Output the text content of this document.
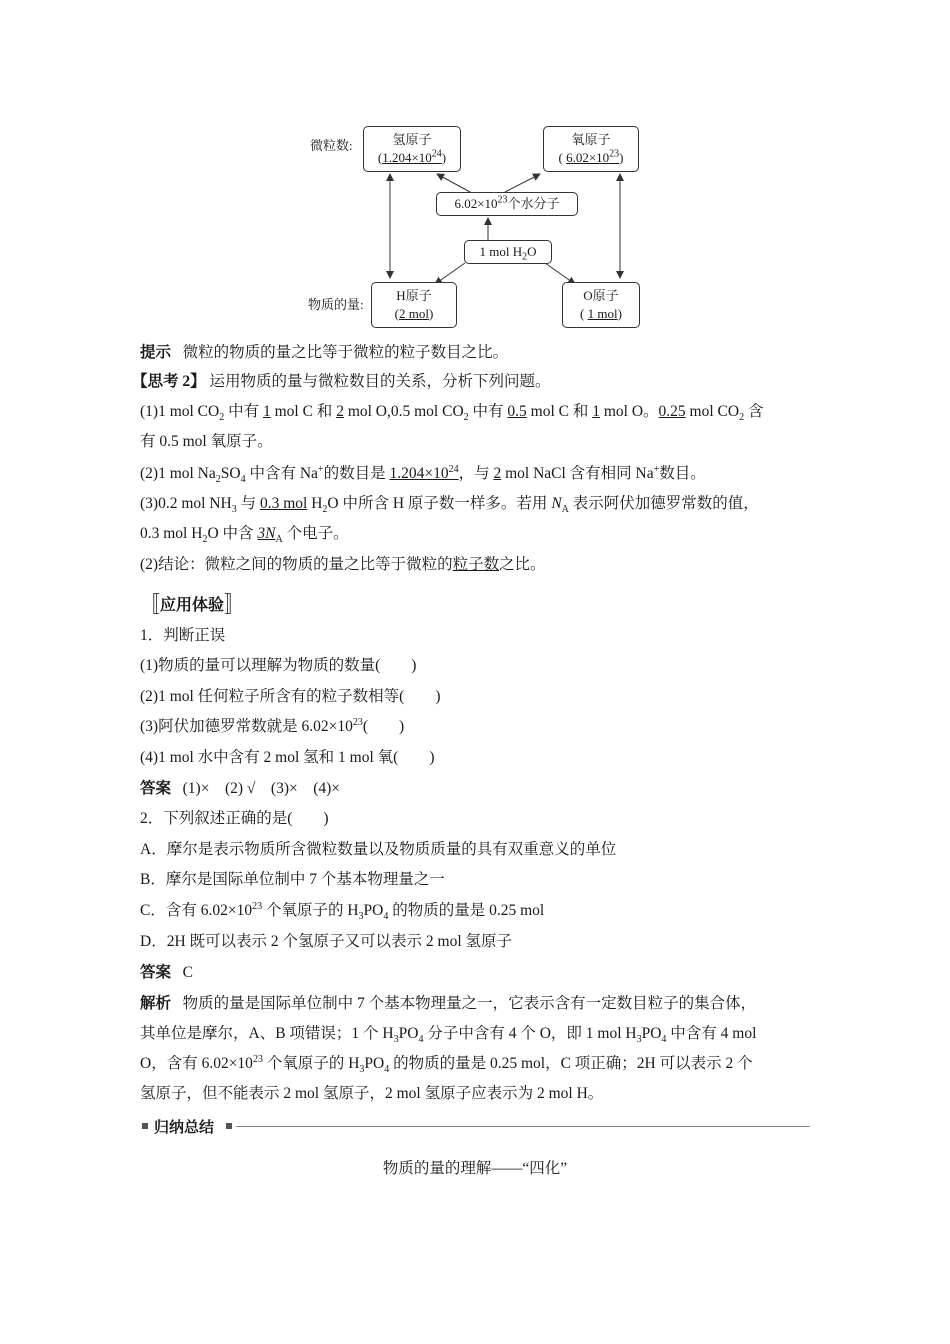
微粒数:
物质的量:
氢原子
$(1.204\times 10^{24})$
氧原子
( $6.02\times 10^{23}$)
$6.02\times 10^{23}$个水分子
1 mol $H_2O$
H原子
(2 mol)
O原子
( 1 mol)
提示 微粒的物质的量之比等于微粒的粒子数目之比。
【思考 2】 运用物质的量与微粒数目的关系，分析下列问题。
(1)1 mol $CO_2$ 中有 1 mol C 和 2 mol O,0.5 mol $CO_2$ 中有 0.5 mol C 和 1 mol O。0.25 mol $CO_2$ 含
有 0.5 mol 氧原子。
(2)1 mol $Na_2SO_4$ 中含有 Na+的数目是 $1.204\times 10^{24}$，与 2 mol NaCl 含有相同 Na+数目。
(3)0.2 mol $NH_3$ 与 0.3 mol $H_2O$ 中所含 H 原子数一样多。若用 $N_A$ 表示阿伏加德罗常数的值，
0.3 mol $H_2O$ 中含 $3N_A$ 个电子。
(2)结论：微粒之间的物质的量之比等于微粒的粒子数之比。
〚应用体验〛
1．判断正误
(1)物质的量可以理解为物质的数量(　　)
(2)1 mol 任何粒子所含有的粒子数相等(　　)
(3)阿伏加德罗常数就是 $6.02\times 10^{23}$(　　)
(4)1 mol 水中含有 2 mol 氢和 1 mol 氧(　　)
答案 (1)×　(2) √　(3)×　(4)×
2．下列叙述正确的是(　　)
A．摩尔是表示物质所含微粒数量以及物质质量的具有双重意义的单位
B．摩尔是国际单位制中 7 个基本物理量之一
C．含有 $6.02\times 10^{23}$ 个氧原子的 $H_3PO_4$ 的物质的量是 0.25 mol
D．2H 既可以表示 2 个氢原子又可以表示 2 mol 氢原子
答案 C
解析 物质的量是国际单位制中 7 个基本物理量之一，它表示含有一定数目粒子的集合体，
其单位是摩尔，A、B 项错误；1 个 $H_3PO_4$ 分子中含有 4 个 O，即 1 mol $H_3PO_4$ 中含有 4 mol
O，含有 $6.02\times 10^{23}$ 个氧原子的 $H_3PO_4$ 的物质的量是 0.25 mol，C 项正确；2H 可以表示 2 个
氢原子，但不能表示 2 mol 氢原子，2 mol 氢原子应表示为 2 mol H。
归纳总结
物质的量的理解——“四化”
